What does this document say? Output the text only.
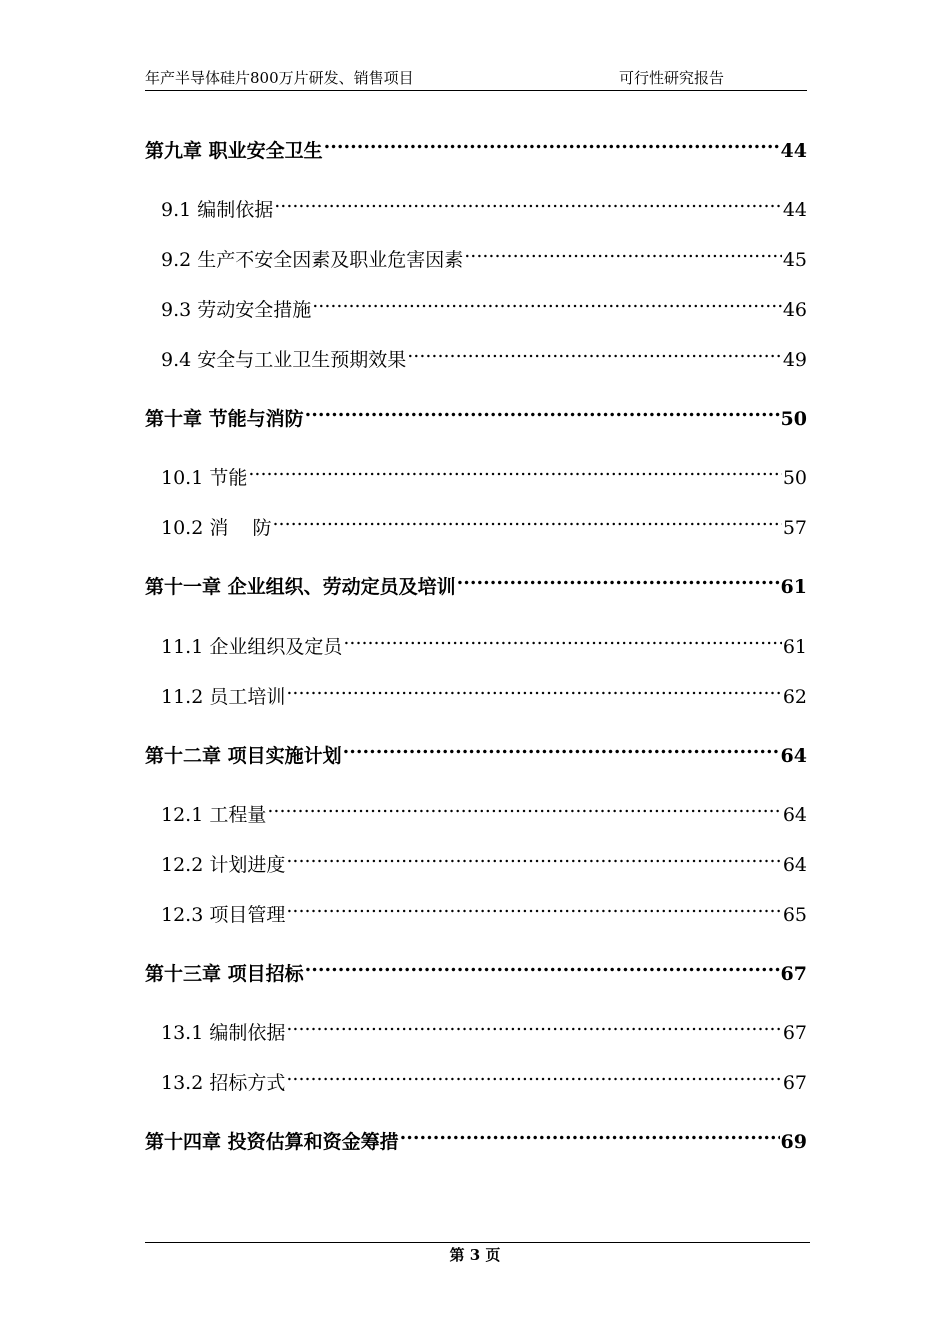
年产半导体硅片800万片研发、销售项目	可行性研究报告
第九章 职业安全卫生 .....	44
9.1 编制依据 .....	44
9.2 生产不安全因素及职业危害因素 .....	45
9.3 劳动安全措施 .....	46
9.4 安全与工业卫生预期效果 .....	49
第十章 节能与消防 .....	50
10.1 节能 .....	50
10.2 消    防 .....	57
第十一章 企业组织、劳动定员及培训 .....	61
11.1 企业组织及定员 .....	61
11.2 员工培训 .....	62
第十二章 项目实施计划 .....	64
12.1 工程量 .....	64
12.2 计划进度 .....	64
12.3 项目管理 .....	65
第十三章 项目招标 .....	67
13.1 编制依据 .....	67
13.2 招标方式 .....	67
第十四章 投资估算和资金筹措 .....	69
第 3 页
